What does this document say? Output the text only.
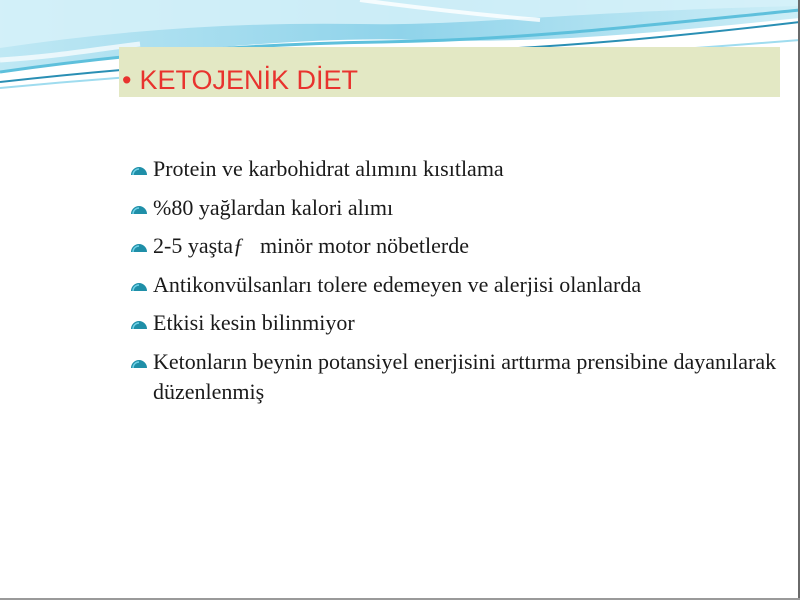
• KETOJENİK DİET
Protein ve karbohidrat alımını kısıtlama
%80 yağlardan kalori alımı
2-5 yaştaƒ minör motor nöbetlerde
Antikonvülsanları tolere edemeyen ve alerjisi olanlarda
Etkisi kesin bilinmiyor
Ketonların beynin potansiyel enerjisini arttırma prensibine dayanılarak düzenlenmiş
